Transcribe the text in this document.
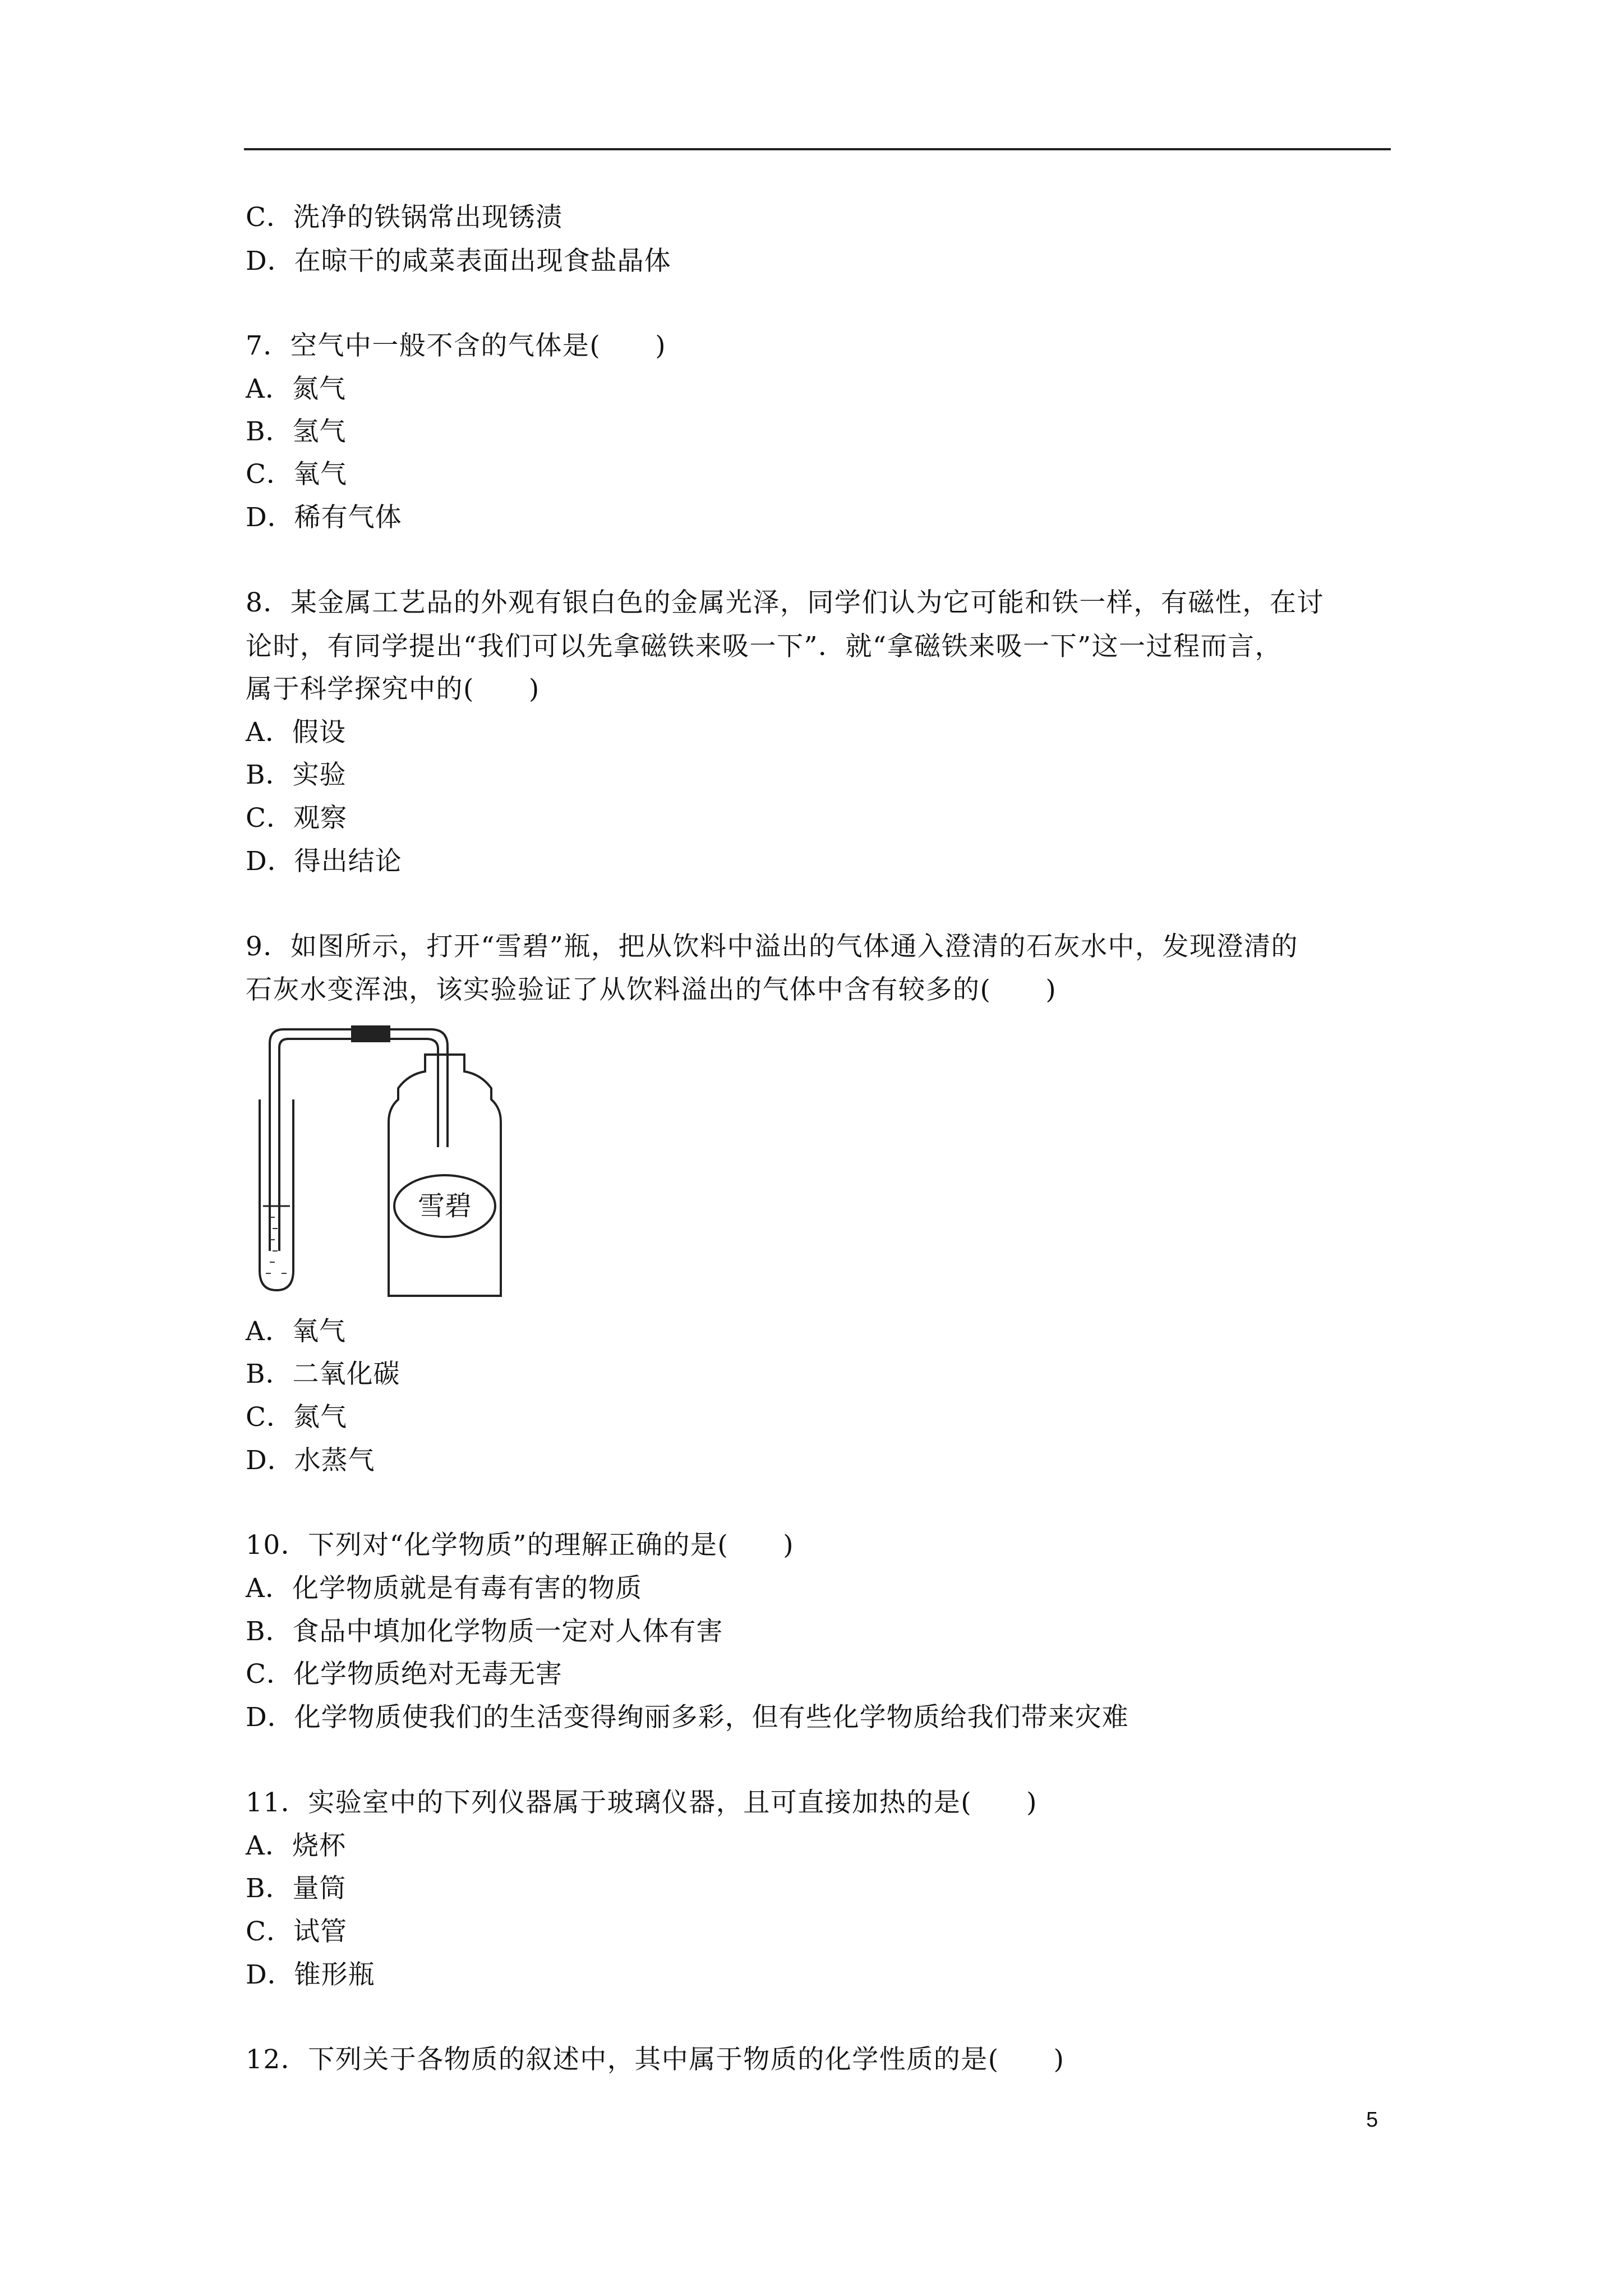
C．洗净的铁锅常出现锈渍
D．在晾干的咸菜表面出现食盐晶体
7．空气中一般不含的气体是(　　)
A．氮气
B．氢气
C．氧气
D．稀有气体
8．某金属工艺品的外观有银白色的金属光泽，同学们认为它可能和铁一样，有磁性，在讨
论时，有同学提出“我们可以先拿磁铁来吸一下”．就“拿磁铁来吸一下”这一过程而言，
属于科学探究中的(　　)
A．假设
B．实验
C．观察
D．得出结论
9．如图所示，打开“雪碧”瓶，把从饮料中溢出的气体通入澄清的石灰水中，发现澄清的
石灰水变浑浊，该实验验证了从饮料溢出的气体中含有较多的(　　)
雪碧
A．氧气
B．二氧化碳
C．氮气
D．水蒸气
10．下列对“化学物质”的理解正确的是(　　)
A．化学物质就是有毒有害的物质
B．食品中填加化学物质一定对人体有害
C．化学物质绝对无毒无害
D．化学物质使我们的生活变得绚丽多彩，但有些化学物质给我们带来灾难
11．实验室中的下列仪器属于玻璃仪器，且可直接加热的是(　　)
A．烧杯
B．量筒
C．试管
D．锥形瓶
12．下列关于各物质的叙述中，其中属于物质的化学性质的是(　　)
5
